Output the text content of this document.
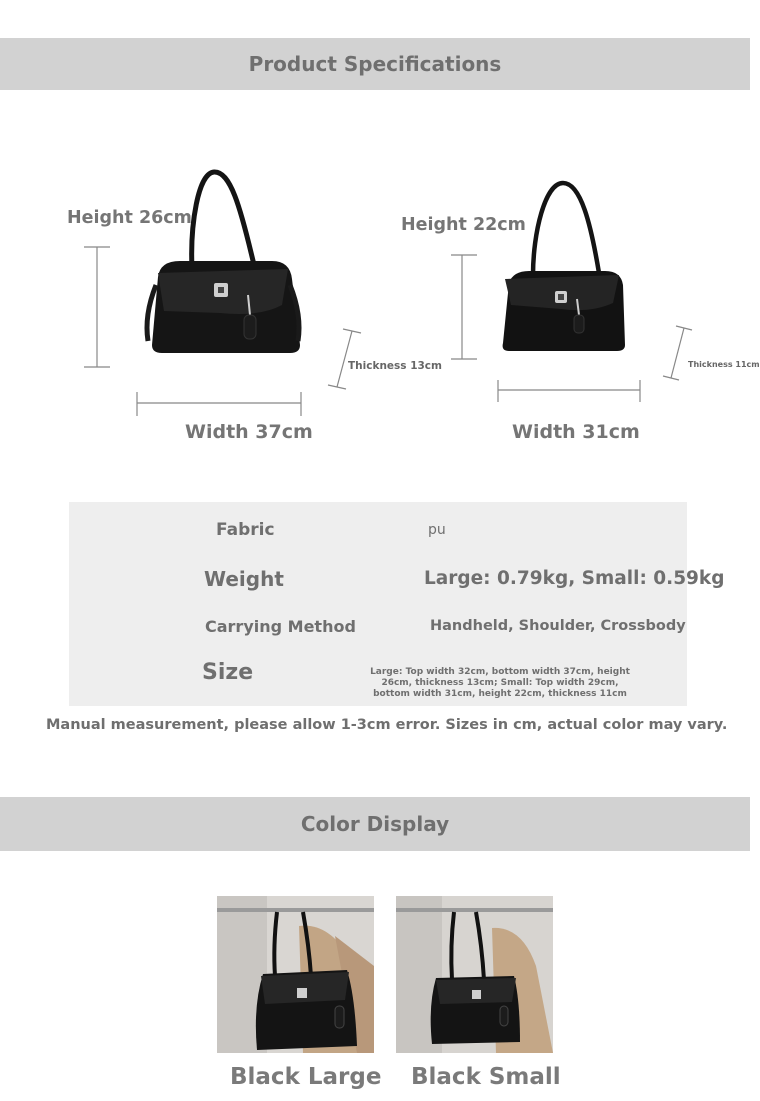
Product Specifications
Height 26cm
Thickness 13cm
Width 37cm
Height 22cm
Thickness 11cm
Width 31cm
Fabric	pu
Weight	Large: 0.79kg, Small: 0.59kg
Carrying Method	Handheld, Shoulder, Crossbody
Size	Large: Top width 32cm, bottom width 37cm, height
26cm, thickness 13cm; Small: Top width 29cm,
bottom width 31cm, height 22cm, thickness 11cm
Manual measurement, please allow 1-3cm error. Sizes in cm, actual color may vary.
Color Display
Black Large Black Small
